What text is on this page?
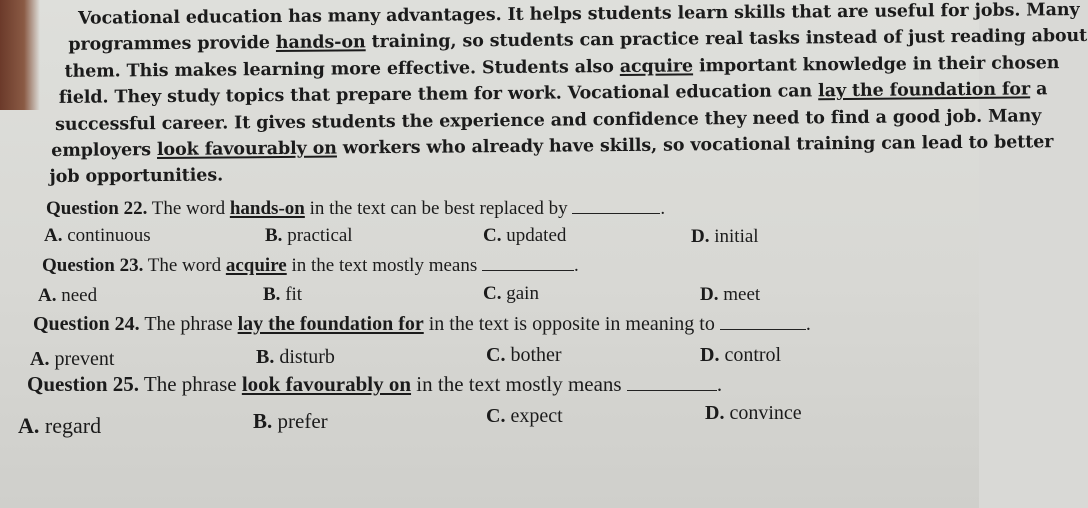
Vocational education has many advantages. It helps students learn skills that are useful for jobs. Many
programmes provide hands-on training, so students can practice real tasks instead of just reading about
them. This makes learning more effective. Students also acquire important knowledge in their chosen
field. They study topics that prepare them for work. Vocational education can lay the foundation for a
successful career. It gives students the experience and confidence they need to find a good job. Many
employers look favourably on workers who already have skills, so vocational training can lead to better
job opportunities.
Question 22. The word hands-on in the text can be best replaced by	.
A. continuous	B. practical	C. updated	D. initial
Question 23. The word acquire in the text mostly means	.
A. need	B. fit	C. gain	D. meet
Question 24. The phrase lay the foundation for in the text is opposite in meaning to	.
A. prevent	B. disturb	C. bother	D. control
Question 25. The phrase look favourably on in the text mostly means	.
A. regard	B. prefer	C. expect	D. convince
